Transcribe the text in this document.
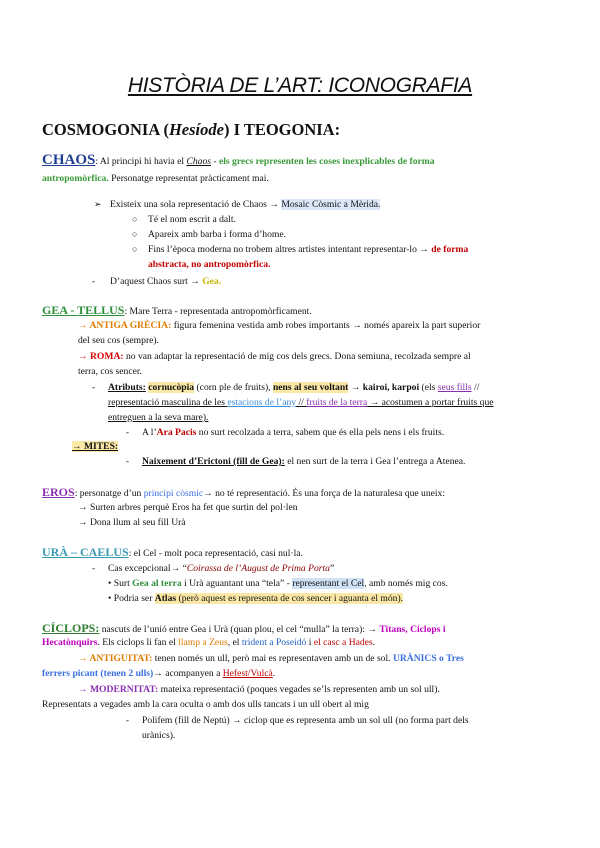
HISTÒRIA DE L’ART: ICONOGRAFIA
COSMOGONIA (Hesíode) I TEOGONIA:
CHAOS: Al principi hi havia el Chaos - els grecs representen les coses inexplicables de forma
antropomòrfica. Personatge representat pràcticament mai.
➢ Existeix una sola representació de Chaos → Mosaic Còsmic a Mèrida.
○ Té el nom escrit a dalt.
○ Apareix amb barba i forma d’home.
○ Fins l’època moderna no trobem altres artistes intentant representar-lo → de forma
abstracta, no antropomòrfica.
- D’aquest Chaos surt → Gea.
GEA - TELLUS: Mare Terra - representada antropomòrficament.
→ ANTIGA GRÈCIA: figura femenina vestida amb robes importants → només apareix la part superior
del seu cos (sempre).
→ ROMA: no van adaptar la representació de mig cos dels grecs. Dona semiuna, recolzada sempre al
terra, cos sencer.
- Atributs: cornucòpia (corn ple de fruits), nens al seu voltant → kairoi, karpoi (els seus fills //
representació masculina de les estacions de l’any // fruits de la terra → acostumen a portar fruits que
entreguen a la seva mare).
- A l’Ara Pacis no surt recolzada a terra, sabem que és ella pels nens i els fruits.
→ MITES:
- Naixement d’Erictoni (fill de Gea): el nen surt de la terra i Gea l’entrega a Atenea.
EROS: personatge d’un principi còsmic→ no té representació. És una força de la naturalesa que uneix:
→ Surten arbres perquè Eros ha fet que surtin del pol·len
→ Dona llum al seu fill Urà
URÀ – CAELUS: el Cel - molt poca representació, casi nul·la.
- Cas excepcional→ “Coirassa de l’August de Prima Porta”
• Surt Gea al terra i Urà aguantant una “tela” - representant el Cel, amb només mig cos.
• Podria ser Atlas (però aquest es representa de cos sencer i aguanta el món).
CÍCLOPS: nascuts de l’unió entre Gea i Urà (quan plou, el cel “mulla” la terra): → Titans, Ciclops i
Hecatònquirs. Els ciclops li fan el llamp a Zeus, el trident a Poseidó i el casc a Hades.
→ ANTIGUITAT: tenen només un ull, però mai es representaven amb un de sol. URÀNICS o Tres
ferrers picant (tenen 2 ulls)→ acompanyen a Hefest/Vulcà.
→ MODERNITAT: mateixa representació (poques vegades se’ls representen amb un sol ull).
Representats a vegades amb la cara oculta o amb dos ulls tancats i un ull obert al mig
- Polifem (fill de Neptú) → ciclop que es representa amb un sol ull (no forma part dels
urànics).
